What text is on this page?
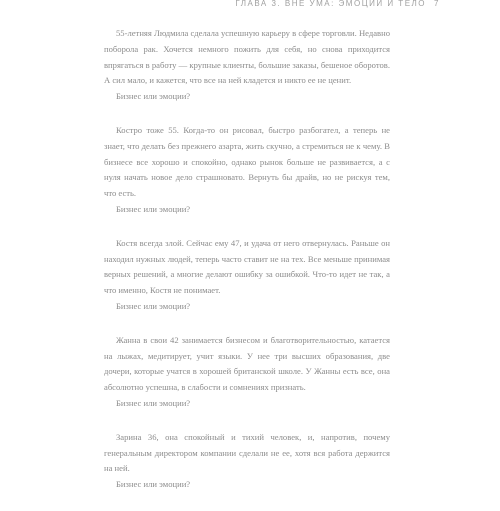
ГЛАВА 3. ВНЕ УМА: ЭМОЦИИ И ТЕЛО 7

55-летняя Людмила сделала успешную карьеру в сфере торговли. Недавно поборола рак. Хочется немного пожить для себя, но снова приходится впрягаться в работу — крупные клиенты, большие заказы, бешеное оборотов. А сил мало, и кажется, что все на ней кладется и никто ее не ценит.

Бизнес или эмоции?

Костро тоже 55. Когда-то он рисовал, быстро разбогател, а теперь не знает, что делать без прежнего азарта, жить скучно, а стремиться не к чему. В бизнесе все хорошо и спокойно, однако рынок больше не развивается, а с нуля начать новое дело страшновато. Вернуть бы драйв, но не рискуя тем, что есть.

Бизнес или эмоции?

Костя всегда злой. Сейчас ему 47, и удача от него отвернулась. Раньше он находил нужных людей, теперь часто ставит не на тех. Все меньше принимая верных решений, а многие делают ошибку за ошибкой. Что-то идет не так, а что именно, Костя не понимает.

Бизнес или эмоции?

Жанна в свои 42 занимается бизнесом и благотворительностью, катается на лыжах, медитирует, учит языки. У нее три высших образования, две дочери, которые учатся в хорошей британской школе. У Жанны есть все, она абсолютно успешна, в слабости и сомнениях признать.

Бизнес или эмоции?

Зарина 36, она спокойный и тихий человек, и, напротив, почему генеральным директором компании сделали не ее, хотя вся работа держится на ней.

Бизнес или эмоции?
